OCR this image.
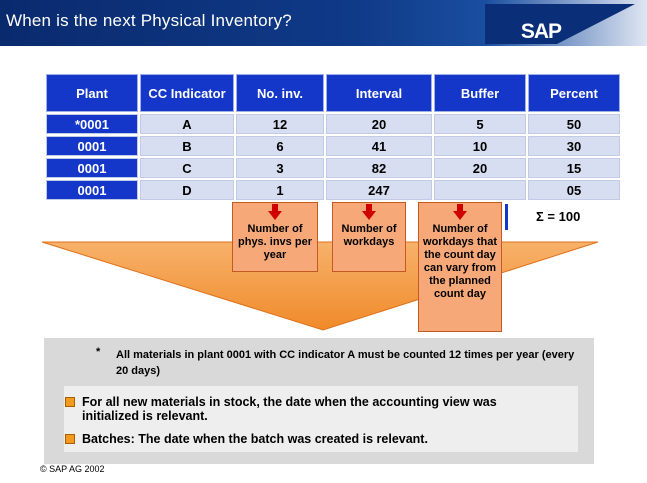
When is the next Physical Inventory?	SAP
Plant	CC Indicator	No. inv.	Interval	Buffer	Percent
*0001	A	12	20	5	50
0001	B	6	41	10	30
0001	C	3	82	20	15
0001	D	1	247		05
Σ = 100
Number of phys. invs per year
Number of workdays
Number of workdays that the count day can vary from the planned count day
* All materials in plant 0001 with CC indicator A must be counted 12 times per year (every 20 days)
For all new materials in stock, the date when the accounting view was initialized is relevant.
Batches: The date when the batch was created is relevant.
© SAP AG 2002
